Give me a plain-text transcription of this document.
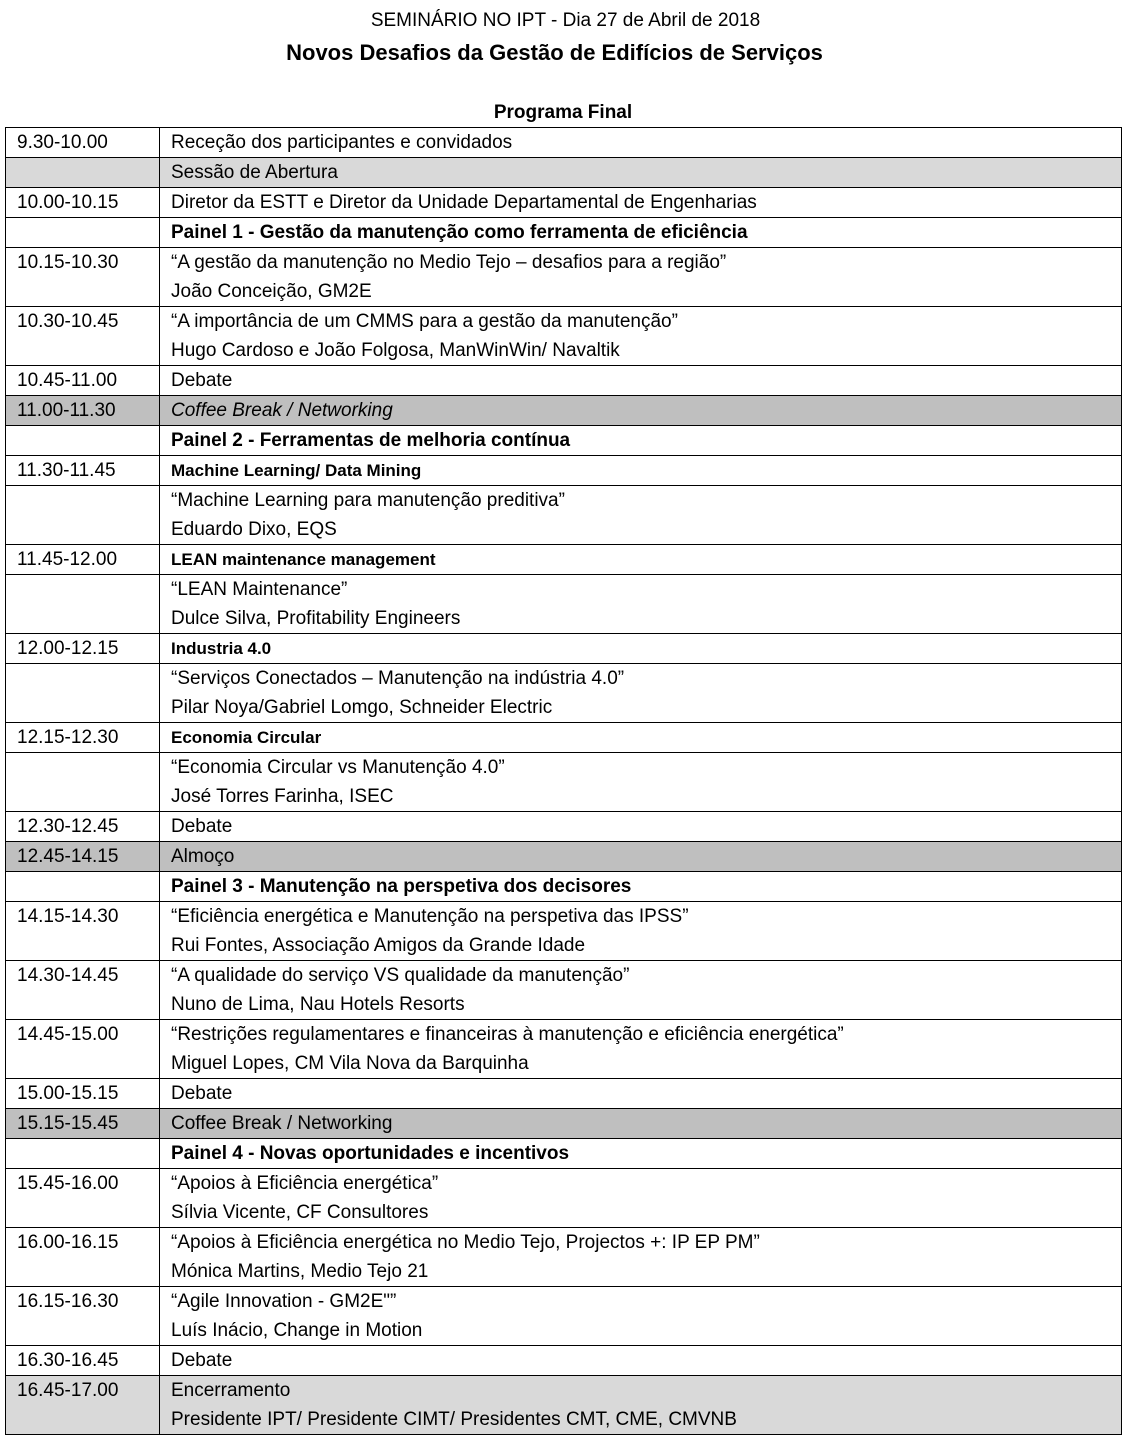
SEMINÁRIO NO IPT - Dia 27 de Abril de 2018
Novos Desafios da Gestão de Edifícios de Serviços
Programa Final
9.30-10.00	Receção dos participantes e convidados

	Sessão de Abertura

10.00-10.15	Diretor da ESTT e Diretor da Unidade Departamental de Engenharias

	Painel 1 - Gestão da manutenção como ferramenta de eficiência

10.15-10.30	“A gestão da manutenção no Medio Tejo – desafios para a região”
João Conceição, GM2E

10.30-10.45	“A importância de um CMMS para a gestão da manutenção”
Hugo Cardoso e João Folgosa, ManWinWin/ Navaltik

10.45-11.00	Debate

11.00-11.30	Coffee Break / Networking

	Painel 2 - Ferramentas de melhoria contínua

11.30-11.45	Machine Learning/ Data Mining

	“Machine Learning para manutenção preditiva”
Eduardo Dixo, EQS

11.45-12.00	LEAN maintenance management

	“LEAN Maintenance”
Dulce Silva, Profitability Engineers

12.00-12.15	Industria 4.0

	“Serviços Conectados – Manutenção na indústria 4.0”
Pilar Noya/Gabriel Lomgo, Schneider Electric

12.15-12.30	Economia Circular

	“Economia Circular vs Manutenção 4.0”
José Torres Farinha, ISEC

12.30-12.45	Debate

12.45-14.15	Almoço

	Painel 3 - Manutenção na perspetiva dos decisores

14.15-14.30	“Eficiência energética e Manutenção na perspetiva das IPSS”
Rui Fontes, Associação Amigos da Grande Idade

14.30-14.45	“A qualidade do serviço VS qualidade da manutenção”
Nuno de Lima, Nau Hotels Resorts

14.45-15.00	“Restrições regulamentares e financeiras à manutenção e eficiência energética”
Miguel Lopes, CM Vila Nova da Barquinha

15.00-15.15	Debate

15.15-15.45	Coffee Break / Networking

	Painel 4 - Novas oportunidades e incentivos

15.45-16.00	“Apoios à Eficiência energética”
Sílvia Vicente, CF Consultores

16.00-16.15	“Apoios à Eficiência energética no Medio Tejo, Projectos +: IP EP PM”
Mónica Martins, Medio Tejo 21

16.15-16.30	“Agile Innovation - GM2E"”
Luís Inácio, Change in Motion

16.30-16.45	Debate

16.45-17.00	Encerramento
Presidente IPT/ Presidente CIMT/ Presidentes CMT, CME, CMVNB
